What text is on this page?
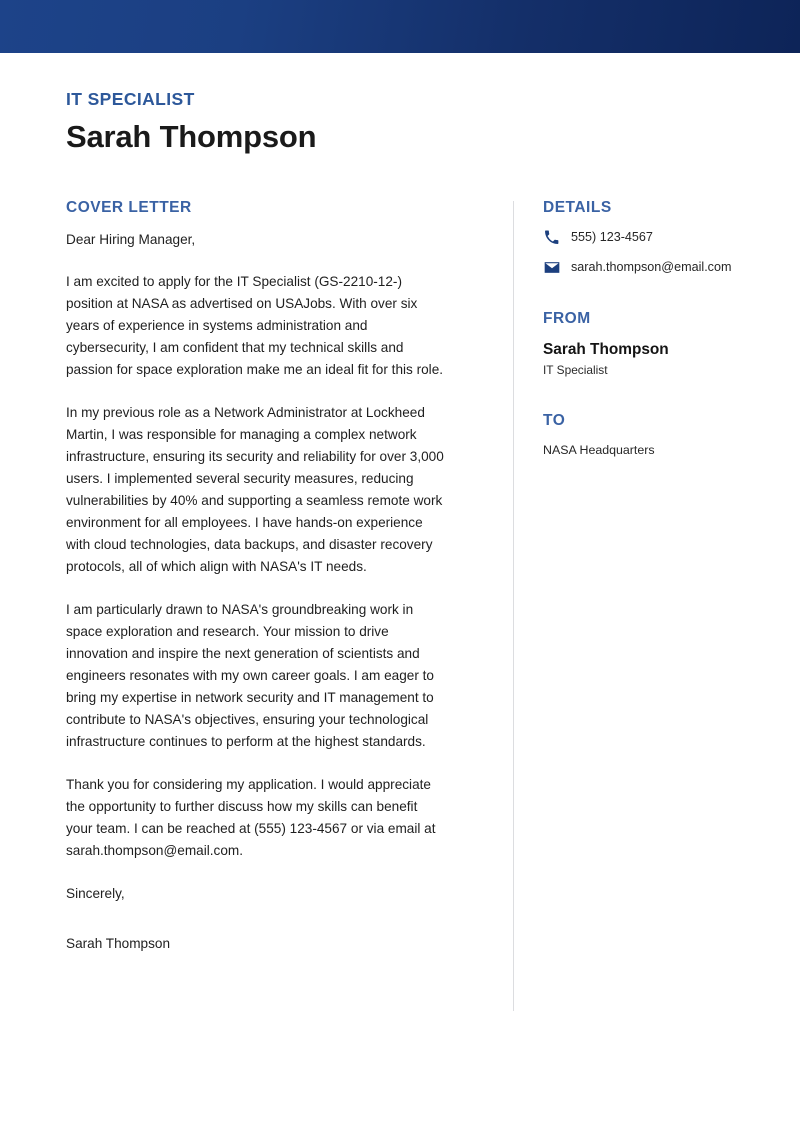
IT SPECIALIST
Sarah Thompson
COVER LETTER

Dear Hiring Manager,

I am excited to apply for the IT Specialist (GS-2210-12-) position at NASA as advertised on USAJobs. With over six years of experience in systems administration and cybersecurity, I am confident that my technical skills and passion for space exploration make me an ideal fit for this role.

In my previous role as a Network Administrator at Lockheed Martin, I was responsible for managing a complex network infrastructure, ensuring its security and reliability for over 3,000 users. I implemented several security measures, reducing vulnerabilities by 40% and supporting a seamless remote work environment for all employees. I have hands-on experience with cloud technologies, data backups, and disaster recovery protocols, all of which align with NASA's IT needs.

I am particularly drawn to NASA's groundbreaking work in space exploration and research. Your mission to drive innovation and inspire the next generation of scientists and engineers resonates with my own career goals. I am eager to bring my expertise in network security and IT management to contribute to NASA's objectives, ensuring your technological infrastructure continues to perform at the highest standards.

Thank you for considering my application. I would appreciate the opportunity to further discuss how my skills can benefit your team. I can be reached at (555) 123-4567 or via email at sarah.thompson@email.com.

Sincerely,

Sarah Thompson

DETAILS
555) 123-4567
sarah.thompson@email.com
FROM

Sarah Thompson

IT Specialist

TO

NASA Headquarters
